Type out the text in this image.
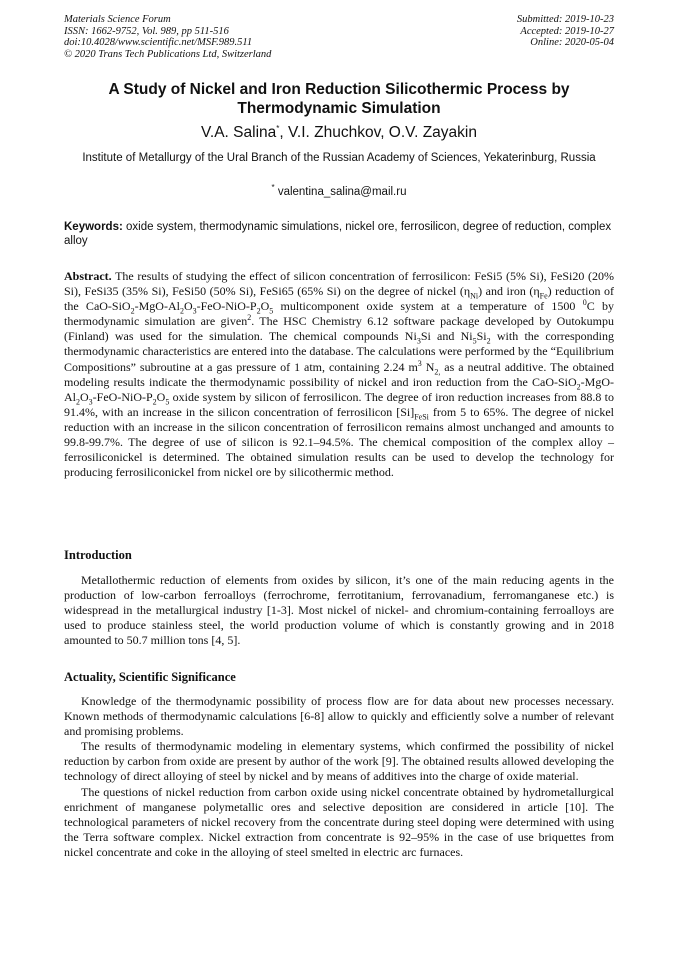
Materials Science Forum
ISSN: 1662-9752, Vol. 989, pp 511-516
doi:10.4028/www.scientific.net/MSF.989.511
© 2020 Trans Tech Publications Ltd, Switzerland
Submitted: 2019-10-23
Accepted: 2019-10-27
Online: 2020-05-04
A Study of Nickel and Iron Reduction Silicothermic Process by
Thermodynamic Simulation
V.A. Salina*, V.I. Zhuchkov, O.V. Zayakin
Institute of Metallurgy of the Ural Branch of the Russian Academy of Sciences, Yekaterinburg, Russia
* valentina_salina@mail.ru
Keywords: oxide system, thermodynamic simulations, nickel ore, ferrosilicon, degree of reduction, complex alloy
Abstract. The results of studying the effect of silicon concentration of ferrosilicon: FeSi5 (5% Si), FeSi20 (20% Si), FeSi35 (35% Si), FeSi50 (50% Si), FeSi65 (65% Si) on the degree of nickel $(\eta_{Ni})$ and iron $(\eta_{Fe})$ reduction of the CaO-$SiO_2-MgO-Al_2O_3-FeO-NiO-P_2O_5$ multicomponent oxide system at a temperature of 1500 $^0$C by thermodynamic simulation are given$^2$. The HSC Chemistry 6.12 software package developed by Outokumpu (Finland) was used for the simulation. The chemical compounds $Ni_3Si$ and $Ni_5Si_2$ with the corresponding thermodynamic characteristics are entered into the database. The calculations were performed by the “Equilibrium Compositions” subroutine at a gas pressure of 1 atm, containing 2.24 $m^3$ $N_{2,}$ as a neutral additive. The obtained modeling results indicate the thermodynamic possibility of nickel and iron reduction from the CaO-$SiO_2-MgO-Al_2O_3-FeO-NiO-P_2O_5$ oxide system by silicon of ferrosilicon. The degree of iron reduction increases from 88.8 to 91.4%, with an increase in the silicon concentration of ferrosilicon $[Si]_{FeSi}$ from 5 to 65%. The degree of nickel reduction with an increase in the silicon concentration of ferrosilicon remains almost unchanged and amounts to 99.8-99.7%. The degree of use of silicon is 92.1–94.5%. The chemical composition of the complex alloy – ferrosiliconickel is determined. The obtained simulation results can be used to develop the technology for producing ferrosiliconickel from nickel ore by silicothermic method.
Introduction
Metallothermic reduction of elements from oxides by silicon, it’s one of the main reducing agents in the production of low-carbon ferroalloys (ferrochrome, ferrotitanium, ferrovanadium, ferromanganese etc.) is widespread in the metallurgical industry [1-3]. Most nickel of nickel- and chromium-containing ferroalloys are used to produce stainless steel, the world production volume of which is constantly growing and in 2018 amounted to 50.7 million tons [4, 5].
Actuality, Scientific Significance

Knowledge of the thermodynamic possibility of process flow are for data about new processes necessary. Known methods of thermodynamic calculations [6-8] allow to quickly and efficiently solve a number of relevant and promising problems.

The results of thermodynamic modeling in elementary systems, which confirmed the possibility of nickel reduction by carbon from oxide are present by author of the work [9]. The obtained results allowed developing the technology of direct alloying of steel by nickel and by means of additives into the charge of oxide material.

The questions of nickel reduction from carbon oxide using nickel concentrate obtained by hydrometallurgical enrichment of manganese polymetallic ores and selective deposition are considered in article [10]. The technological parameters of nickel recovery from the concentrate during steel doping were determined with using the Terra software complex. Nickel extraction from concentrate is 92–95% in the case of use briquettes from nickel concentrate and coke in the alloying of steel smelted in electric arc furnaces.
